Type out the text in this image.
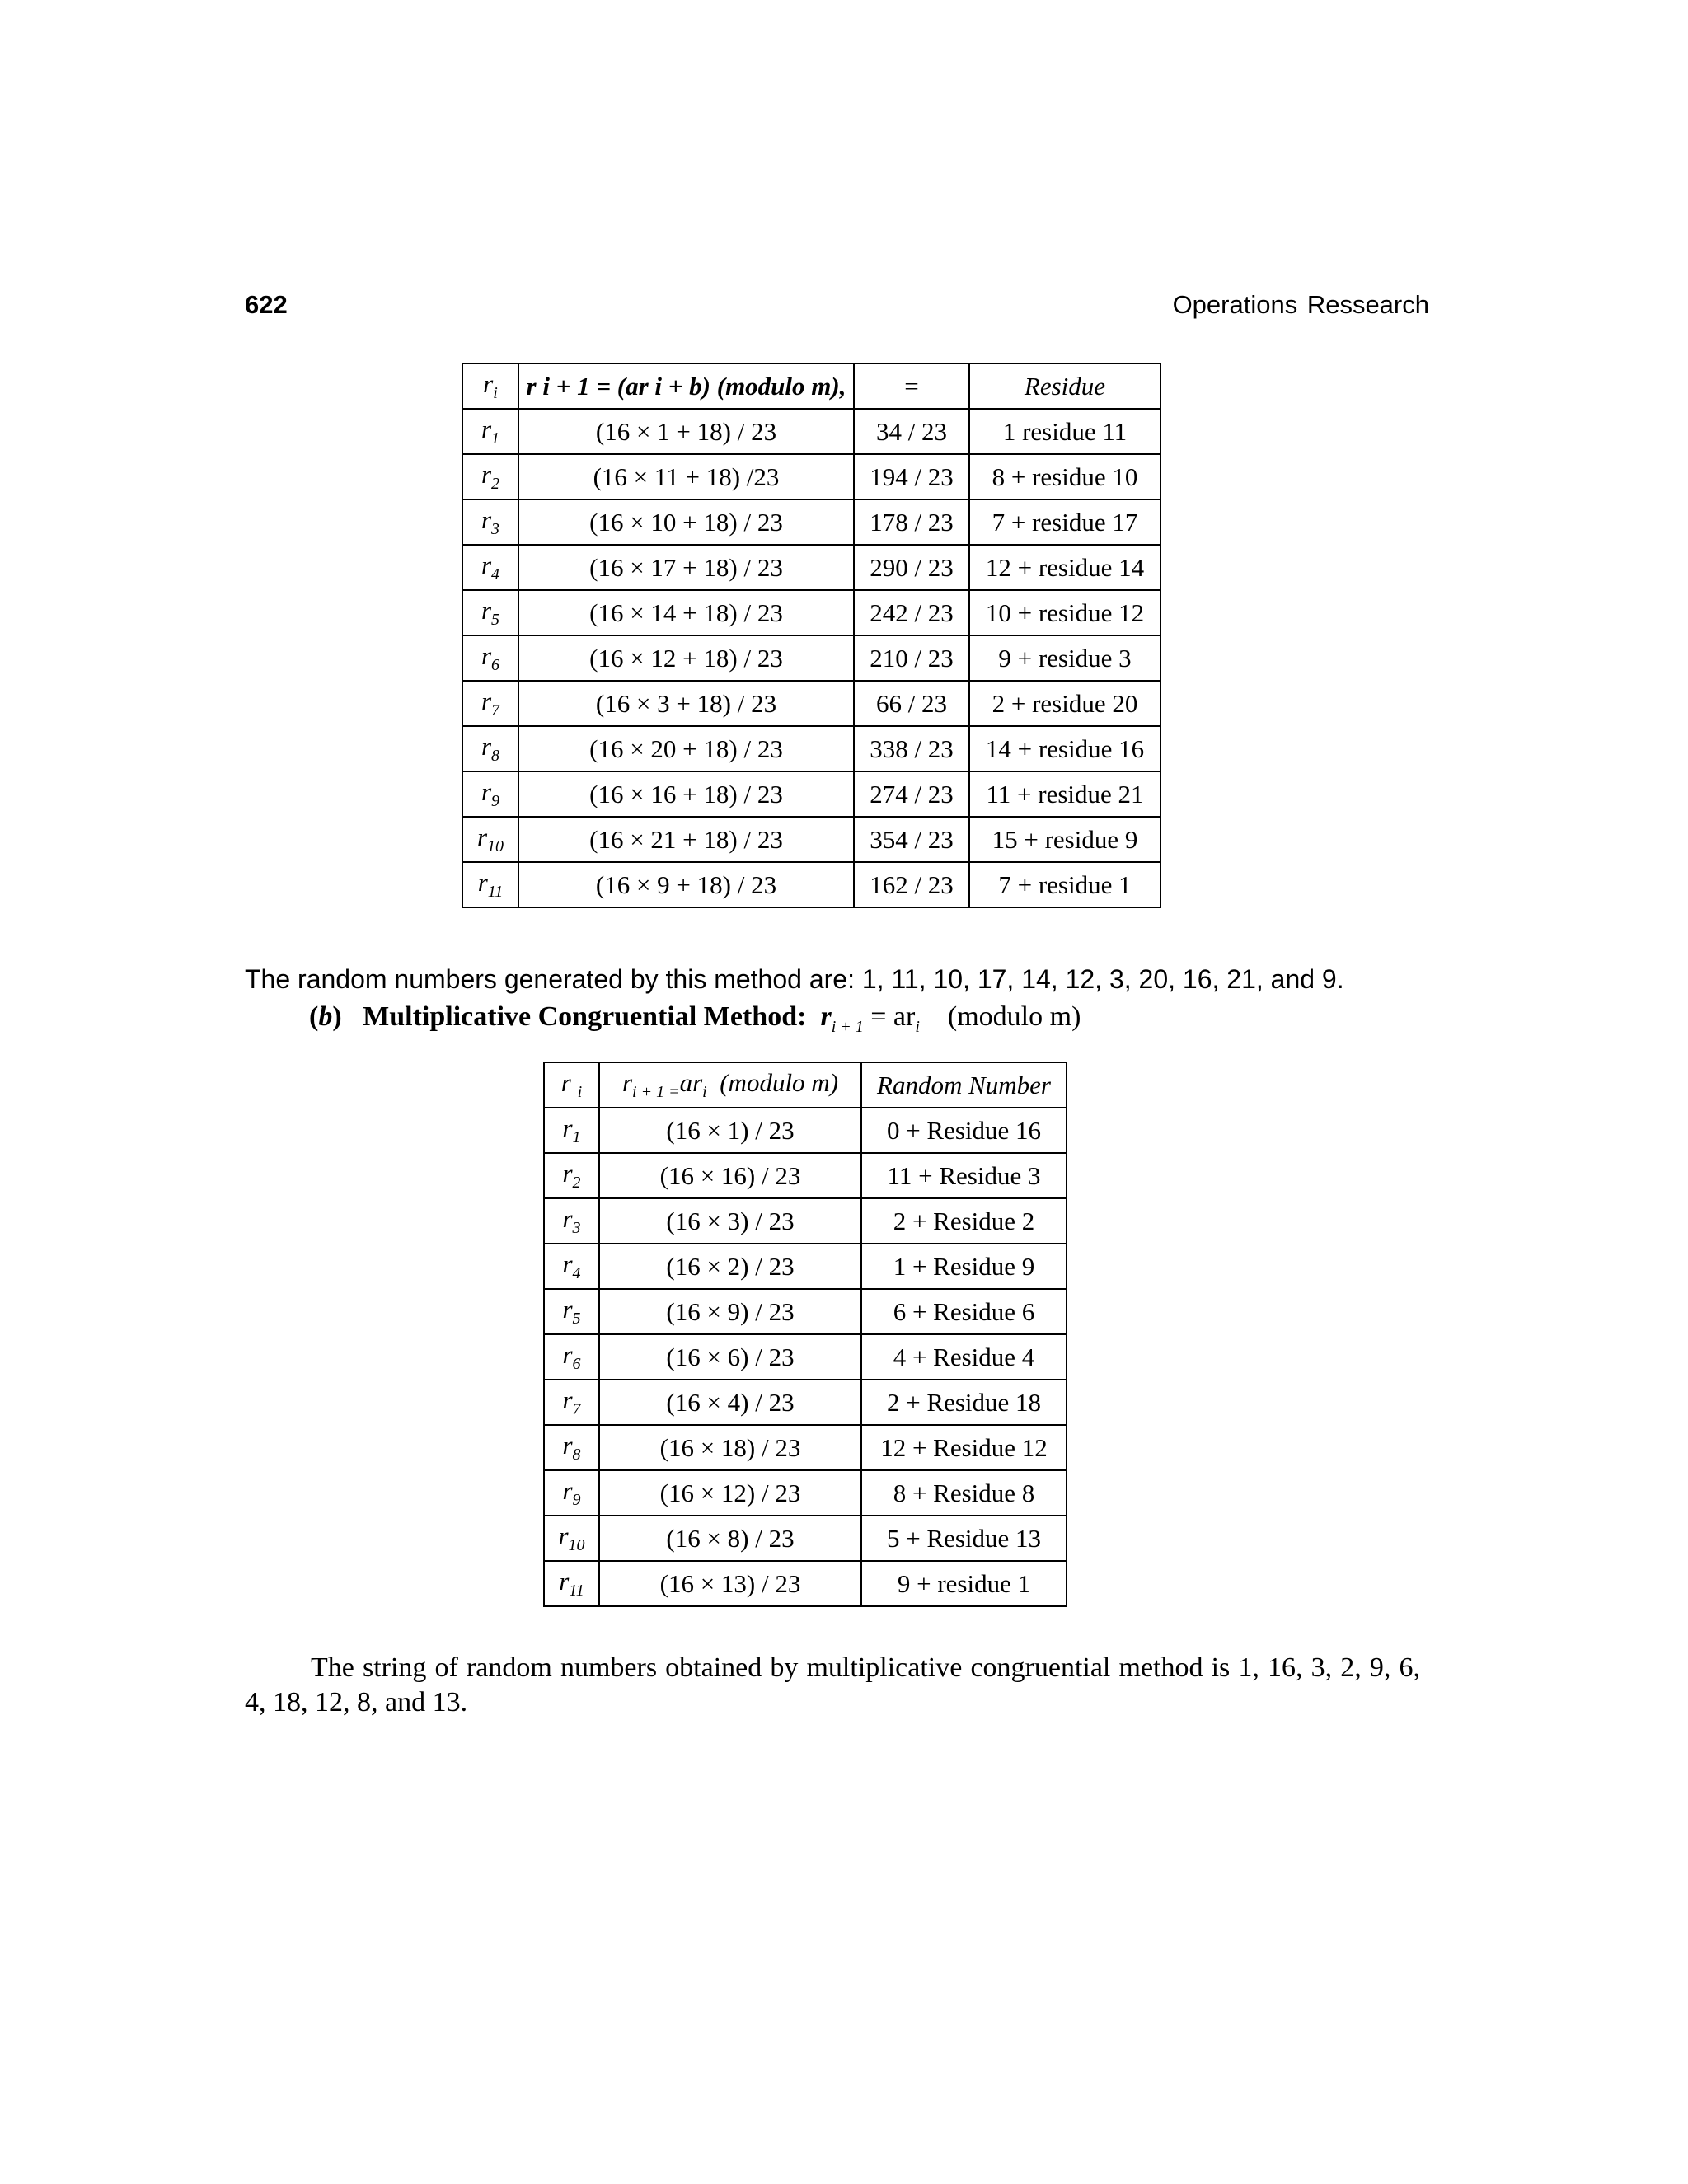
622	Operations Ressearch
$r_i$	r i + 1 = (ar i + b) (modulo m),	=	Residue
$r_1$	(16 × 1 + 18) / 23	34 / 23	1 residue 11
$r_2$	(16 × 11 + 18) /23	194 / 23	8 + residue 10
$r_3$	(16 × 10 + 18) / 23	178 / 23	7 + residue 17
$r_4$	(16 × 17 + 18) / 23	290 / 23	12 + residue 14
$r_5$	(16 × 14 + 18) / 23	242 / 23	10 + residue 12
$r_6$	(16 × 12 + 18) / 23	210 / 23	9 + residue 3
$r_7$	(16 × 3 + 18) / 23	66 / 23	2 + residue 20
$r_8$	(16 × 20 + 18) / 23	338 / 23	14 + residue 16
$r_9$	(16 × 16 + 18) / 23	274 / 23	11 + residue 21
$r_{10}$	(16 × 21 + 18) / 23	354 / 23	15 + residue 9
$r_{11}$	(16 × 9 + 18) / 23	162 / 23	7 + residue 1
The random numbers generated by this method are: 1, 11, 10, 17, 14, 12, 3, 20, 16, 21, and 9.
(b) Multiplicative Congruential Method: $r_{i + 1} = ar_i$ (modulo m)
r $_i$	$r_{i + 1 =}ar_i$ (modulo m)	Random Number
$r_1$	(16 × 1) / 23	0 + Residue 16
$r_2$	(16 × 16) / 23	11 + Residue 3
$r_3$	(16 × 3) / 23	2 + Residue 2
$r_4$	(16 × 2) / 23	1 + Residue 9
$r_5$	(16 × 9) / 23	6 + Residue 6
$r_6$	(16 × 6) / 23	4 + Residue 4
$r_7$	(16 × 4) / 23	2 + Residue 18
$r_8$	(16 × 18) / 23	12 + Residue 12
$r_9$	(16 × 12) / 23	8 + Residue 8
$r_{10}$	(16 × 8) / 23	5 + Residue 13
$r_{11}$	(16 × 13) / 23	9 + residue 1
The string of random numbers obtained by multiplicative congruential method is 1, 16, 3, 2, 9, 6, 4, 18, 12, 8, and 13.
